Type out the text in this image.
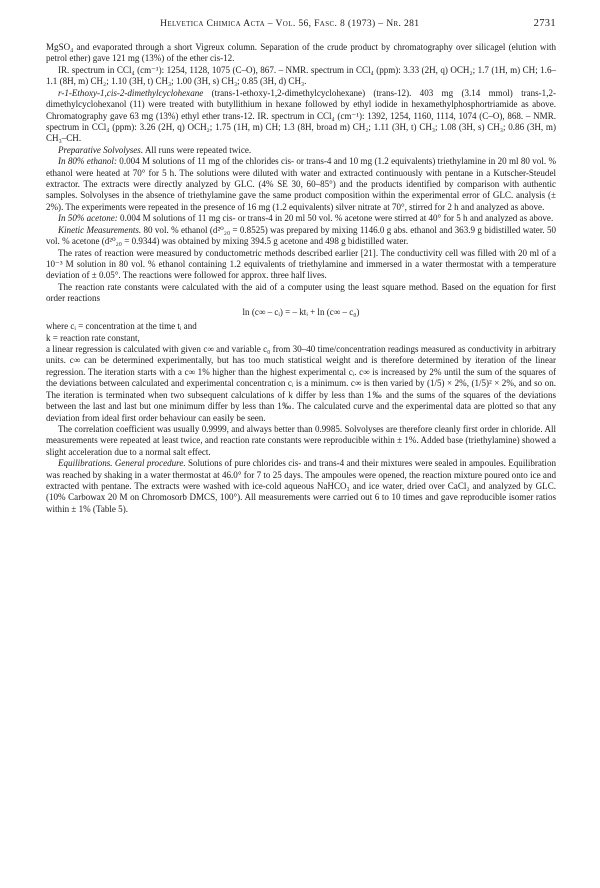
Helvetica Chimica Acta – Vol. 56, Fasc. 8 (1973) – Nr. 281	2731

MgSO₄ and evaporated through a short Vigreux column. Separation of the crude product by chromatography over silicagel (elution with petrol ether) gave 121 mg (13%) of the ether cis-12.

IR. spectrum in CCl₄ (cm⁻¹): 1254, 1128, 1075 (C–O), 867. – NMR. spectrum in CCl₄ (ppm): 3.33 (2H, q) OCH₂; 1.7 (1H, m) CH; 1.6–1.1 (8H, m) CH₂; 1.10 (3H, t) CH₃; 1.00 (3H, s) CH₃; 0.85 (3H, d) CH₃.

r-1-Ethoxy-1,cis-2-dimethylcyclohexane (trans-1-ethoxy-1,2-dimethylcyclohexane) (trans-12). 403 mg (3.14 mmol) trans-1,2-dimethylcyclohexanol (11) were treated with butyllithium in hexane followed by ethyl iodide in hexamethylphosphortriamide as above. Chromatography gave 63 mg (13%) ethyl ether trans-12. IR. spectrum in CCl₄ (cm⁻¹): 1392, 1254, 1160, 1114, 1074 (C–O), 868. – NMR. spectrum in CCl₄ (ppm): 3.26 (2H, q) OCH₂; 1.75 (1H, m) CH; 1.3 (8H, broad m) CH₂; 1.11 (3H, t) CH₃; 1.08 (3H, s) CH₃; 0.86 (3H, m) CH₃–CH.

Preparative Solvolyses. All runs were repeated twice.

In 80% ethanol: 0.004 M solutions of 11 mg of the chlorides cis- or trans-4 and 10 mg (1.2 equivalents) triethylamine in 20 ml 80 vol. % ethanol were heated at 70° for 5 h. The solutions were diluted with water and extracted continuously with pentane in a Kutscher-Steudel extractor. The extracts were directly analyzed by GLC. (4% SE 30, 60–85°) and the products identified by comparison with authentic samples. Solvolyses in the absence of triethylamine gave the same product composition within the experimental error of GLC. analysis (± 2%). The experiments were repeated in the presence of 16 mg (1.2 equivalents) silver nitrate at 70°, stirred for 2 h and analyzed as above.

In 50% acetone: 0.004 M solutions of 11 mg cis- or trans-4 in 20 ml 50 vol. % acetone were stirred at 40° for 5 h and analyzed as above.

Kinetic Measurements. 80 vol. % ethanol (d²⁰₂₀ = 0.8525) was prepared by mixing 1146.0 g abs. ethanol and 363.9 g bidistilled water. 50 vol. % acetone (d²⁰₂₀ = 0.9344) was obtained by mixing 394.5 g acetone and 498 g bidistilled water.

The rates of reaction were measured by conductometric methods described earlier [21]. The conductivity cell was filled with 20 ml of a 10⁻³ M solution in 80 vol. % ethanol containing 1.2 equivalents of triethylamine and immersed in a water thermostat with a temperature deviation of ± 0.05°. The reactions were followed for approx. three half lives.

The reaction rate constants were calculated with the aid of a computer using the least square method. Based on the equation for first order reactions

ln (c∞ – cᵢ) = – ktᵢ + ln (c∞ – c₀)

where cᵢ = concentration at the time tᵢ and

k = reaction rate constant,

a linear regression is calculated with given c∞ and variable c₀ from 30–40 time/concentration readings measured as conductivity in arbitrary units. c∞ can be determined experimentally, but has too much statistical weight and is therefore determined by iteration of the linear regression. The iteration starts with a c∞ 1% higher than the highest experimental cᵢ. c∞ is increased by 2% until the sum of the squares of the deviations between calculated and experimental concentration cᵢ is a minimum. c∞ is then varied by (1/5) × 2%, (1/5)² × 2%, and so on. The iteration is terminated when two subsequent calculations of k differ by less than 1‰ and the sums of the squares of the deviations between the last and last but one minimum differ by less than 1‰. The calculated curve and the experimental data are plotted so that any deviation from ideal first order behaviour can easily be seen.

The correlation coefficient was usually 0.9999, and always better than 0.9985. Solvolyses are therefore cleanly first order in chloride. All measurements were repeated at least twice, and reaction rate constants were reproducible within ± 1%. Added base (triethylamine) showed a slight acceleration due to a normal salt effect.

Equilibrations. General procedure. Solutions of pure chlorides cis- and trans-4 and their mixtures were sealed in ampoules. Equilibration was reached by shaking in a water thermostat at 46.0° for 7 to 25 days. The ampoules were opened, the reaction mixture poured onto ice and extracted with pentane. The extracts were washed with ice-cold aqueous NaHCO₃ and ice water, dried over CaCl₂ and analyzed by GLC. (10% Carbowax 20 M on Chromosorb DMCS, 100°). All measurements were carried out 6 to 10 times and gave reproducible isomer ratios within ± 1% (Table 5).
